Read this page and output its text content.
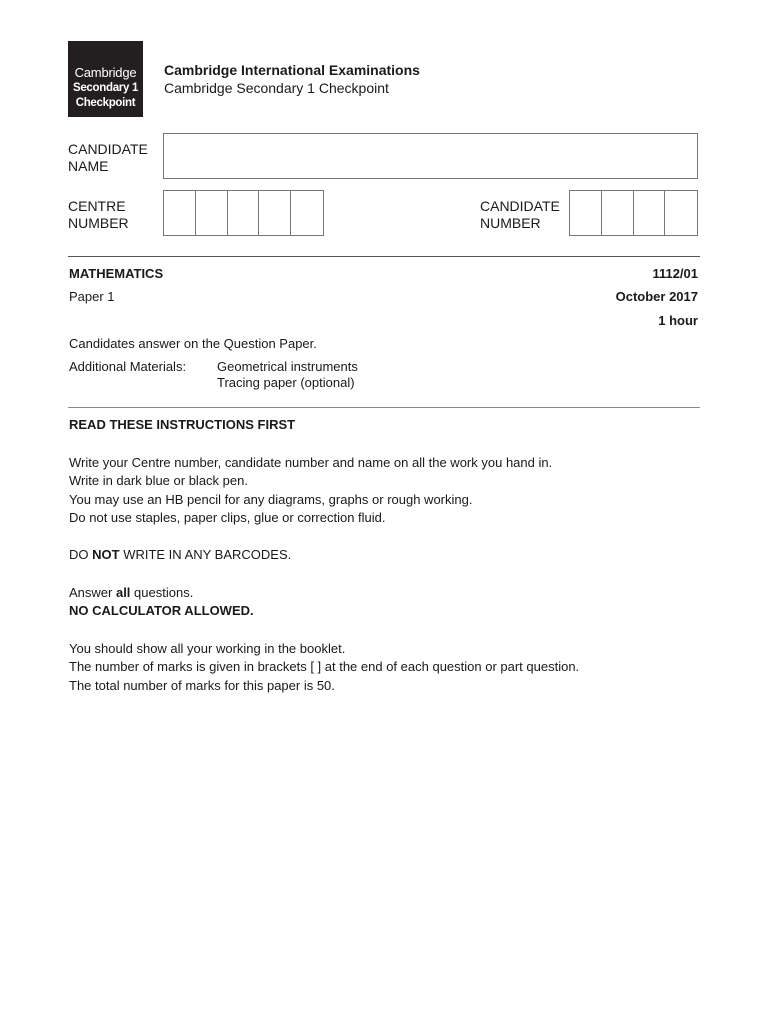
Cambridge
Secondary 1
Checkpoint
Cambridge International Examinations
Cambridge Secondary 1 Checkpoint
CANDIDATE
NAME
CENTRE
NUMBER
CANDIDATE
NUMBER
MATHEMATICS	1112/01
Paper 1	October 2017
1 hour
Candidates answer on the Question Paper.
Additional Materials: Geometrical instruments
Tracing paper (optional)
READ THESE INSTRUCTIONS FIRST
Write your Centre number, candidate number and name on all the work you hand in.
Write in dark blue or black pen.
You may use an HB pencil for any diagrams, graphs or rough working.
Do not use staples, paper clips, glue or correction fluid.
DO NOT WRITE IN ANY BARCODES.
Answer all questions.
NO CALCULATOR ALLOWED.
You should show all your working in the booklet.
The number of marks is given in brackets [ ] at the end of each question or part question.
The total number of marks for this paper is 50.
